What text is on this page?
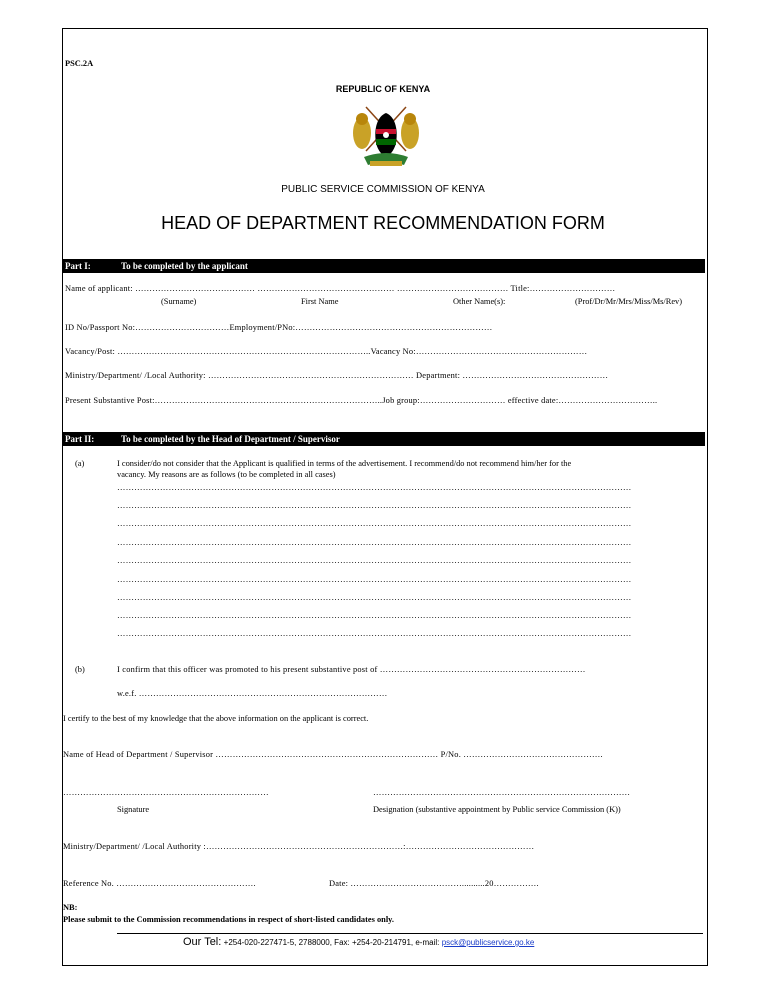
PSC.2A
REPUBLIC OF KENYA
PUBLIC SERVICE COMMISSION OF KENYA
HEAD OF DEPARTMENT RECOMMENDATION FORM
Part I:	To be completed by the applicant
Name of applicant: …………………………………… ………………………………………… ………………………………… Title:…………………………
(Surname)	First Name	Other Name(s):	(Prof/Dr/Mr/Mrs/Miss/Ms/Rev)
ID No/Passport No:……………………………Employment/PNo:……………………………………………………………
Vacancy/Post: ……………………………………………………………………………..Vacancy No:……………………………………………………
Ministry/Department/ /Local Authority: ……………………………………………………………… Department: ……………………………………………
Present Substantive Post:……………………………………………………………………..Job group:………………………… effective date:……………………………..
Part II:	To be completed by the Head of Department / Supervisor
(a)	I consider/do not consider that the Applicant is qualified in terms of the advertisement. I recommend/do not recommend him/her for the
vacancy. My reasons are as follows (to be completed in all cases)
………………………………………………………………………………………………………………………………………………………………
………………………………………………………………………………………………………………………………………………………………
………………………………………………………………………………………………………………………………………………………………
………………………………………………………………………………………………………………………………………………………………
………………………………………………………………………………………………………………………………………………………………
………………………………………………………………………………………………………………………………………………………………
………………………………………………………………………………………………………………………………………………………………
………………………………………………………………………………………………………………………………………………………………
………………………………………………………………………………………………………………………………………………………………
(b)	I confirm that this officer was promoted to his present substantive post of ………………………………………………………………
w.e.f. ……………………………………………………………………………
I certify to the best of my knowledge that the above information on the applicant is correct.
Name of Head of Department / Supervisor …………………………………………………………………… P/No. ………………………………………….
………………………………………………………………	………………………………………………………………………………
Signature	Designation (substantive appointment by Public service Commission (K))
Ministry/Department/ /Local Authority :……………………………………………………………:………………………………………
Reference No. ………………………………………….	Date: …………………………………..........20…………….
NB:
Please submit to the Commission recommendations in respect of short-listed candidates only.
Our Tel: +254-020-227471-5, 2788000, Fax: +254-20-214791, e-mail: psck@publicservice.go.ke
